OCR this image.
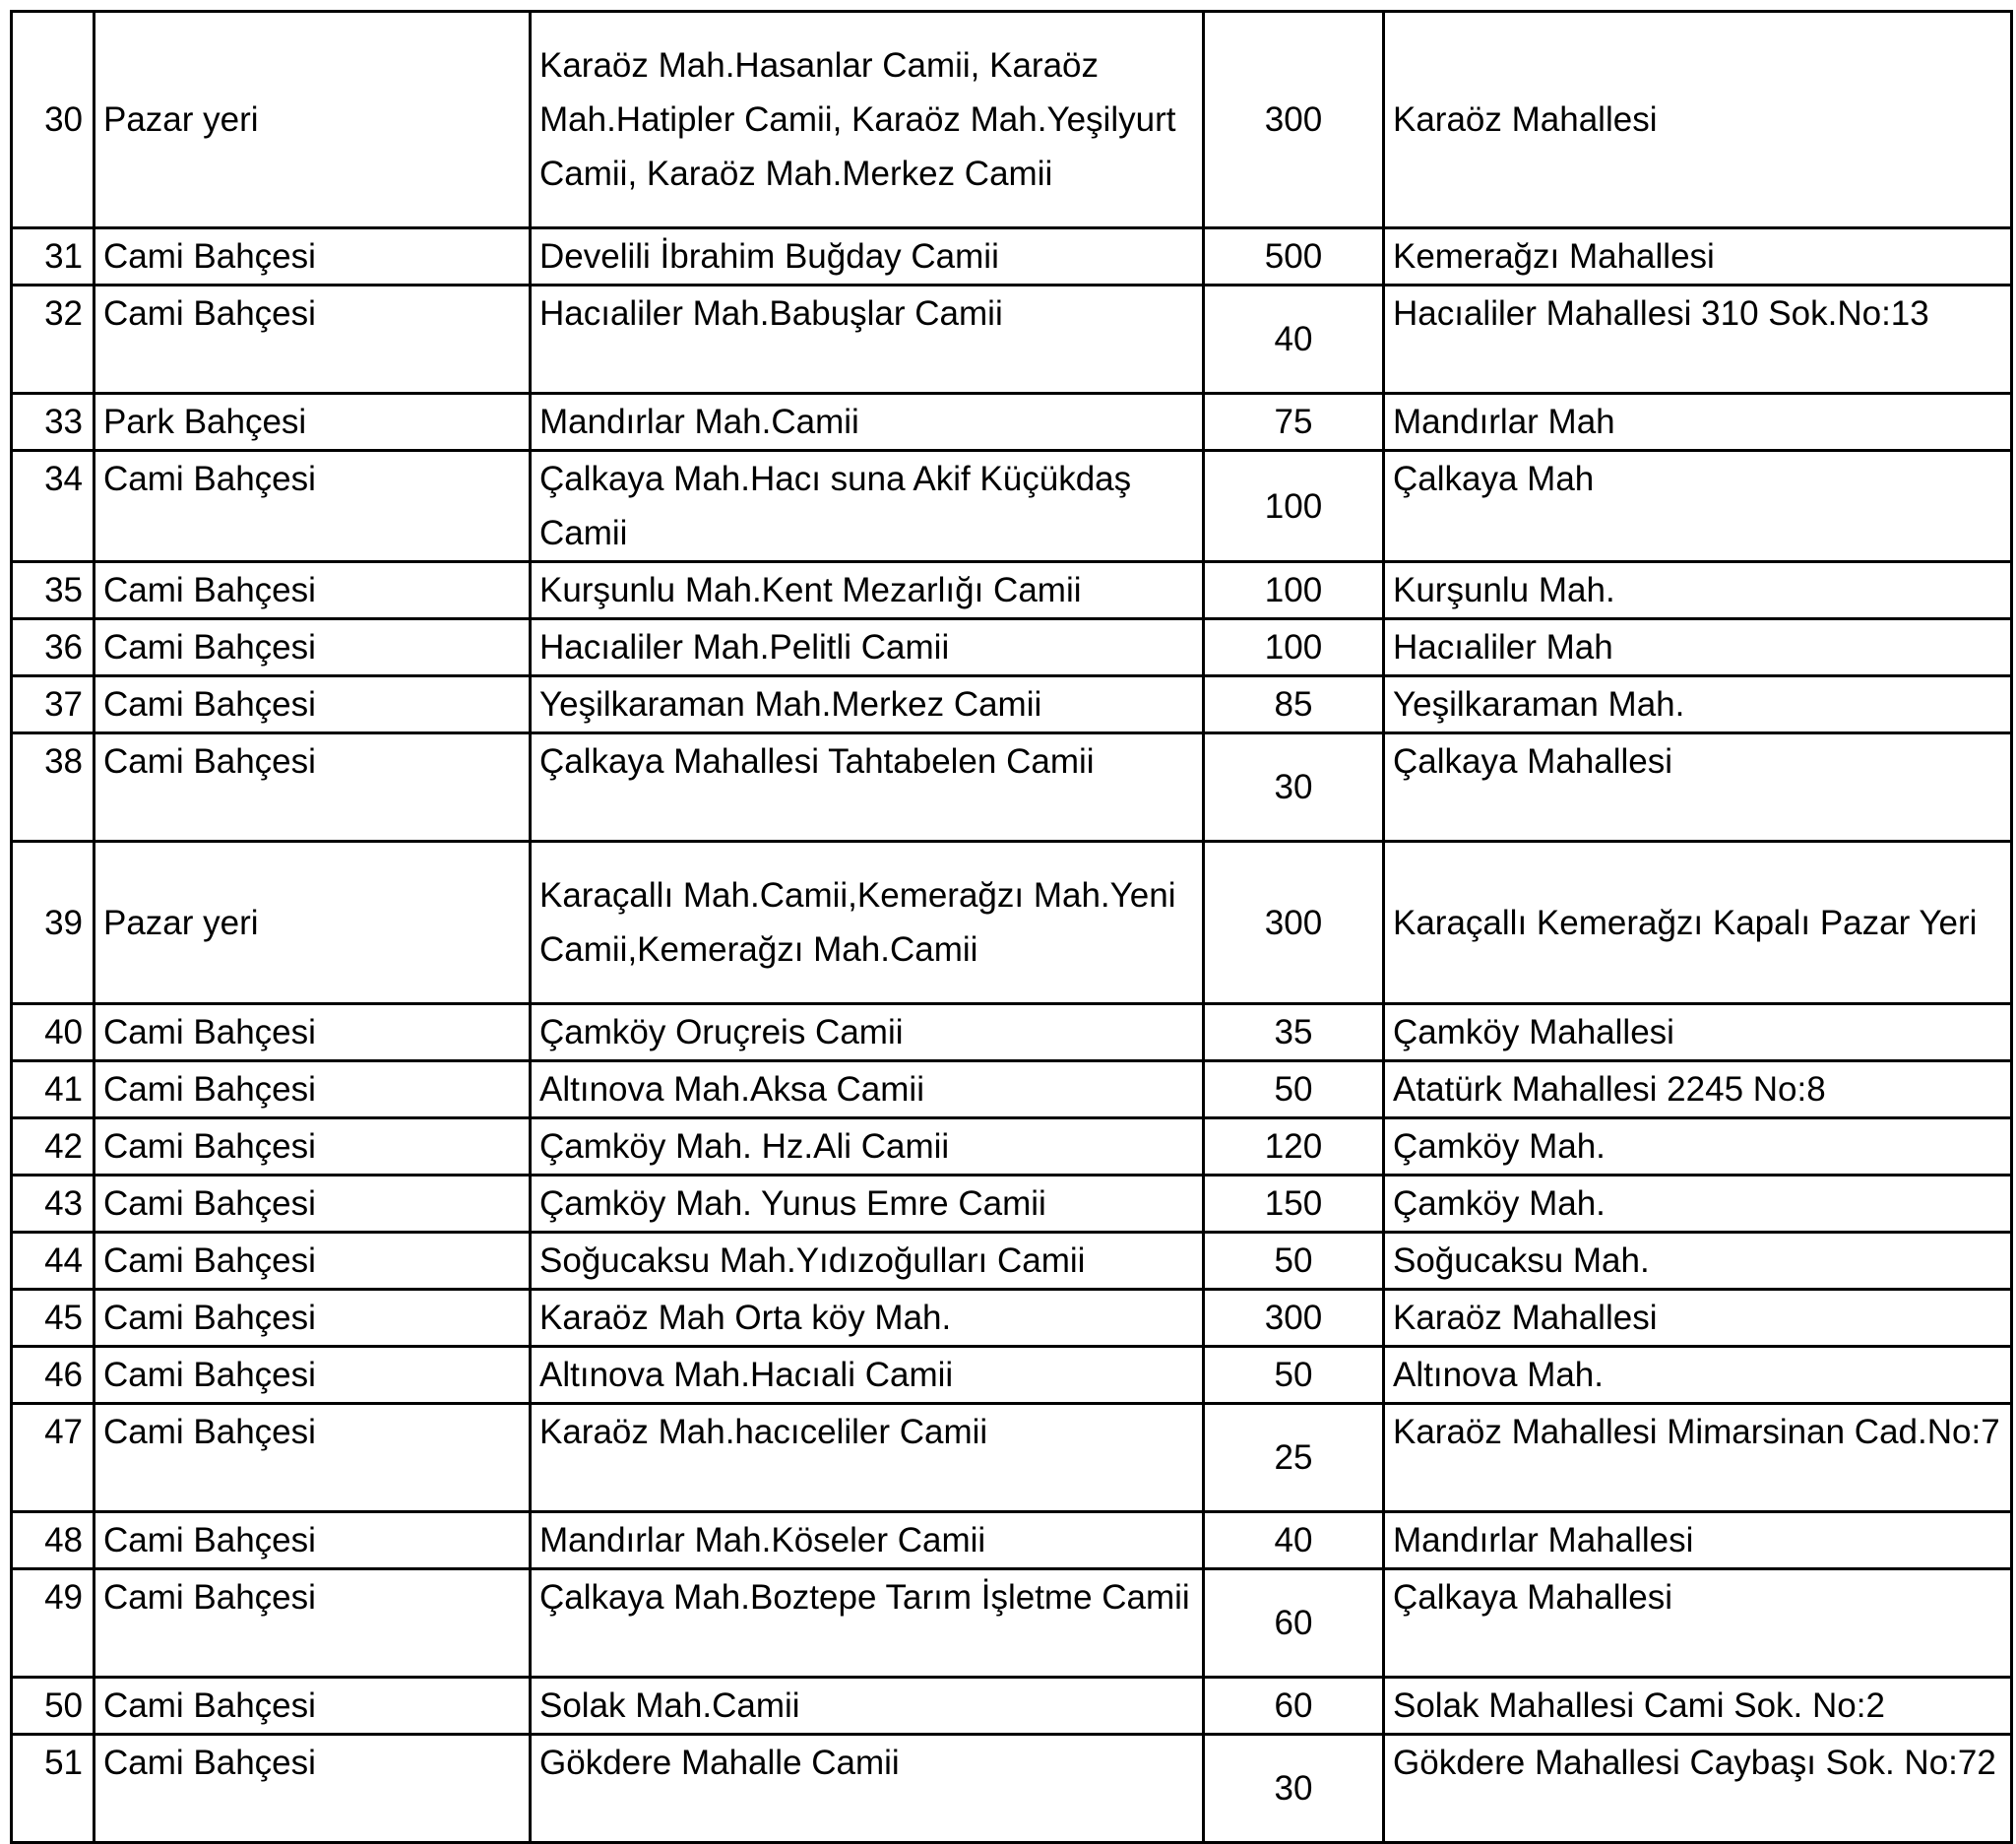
30	Pazar yeri	Karaöz Mah.Hasanlar Camii, Karaöz Mah.Hatipler Camii, Karaöz Mah.Yeşilyurt Camii, Karaöz Mah.Merkez Camii	300	Karaöz Mahallesi
31	Cami Bahçesi	Develili İbrahim Buğday Camii	500	Kemerağzı Mahallesi
32	Cami Bahçesi	Hacıaliler Mah.Babuşlar Camii	40	Hacıaliler Mahallesi 310 Sok.No:13
33	Park Bahçesi	Mandırlar Mah.Camii	75	Mandırlar Mah
34	Cami Bahçesi	Çalkaya Mah.Hacı suna Akif Küçükdaş Camii	100	Çalkaya Mah
35	Cami Bahçesi	Kurşunlu Mah.Kent Mezarlığı Camii	100	Kurşunlu Mah.
36	Cami Bahçesi	Hacıaliler Mah.Pelitli Camii	100	Hacıaliler Mah
37	Cami Bahçesi	Yeşilkaraman Mah.Merkez Camii	85	Yeşilkaraman Mah.
38	Cami Bahçesi	Çalkaya Mahallesi Tahtabelen Camii	30	Çalkaya Mahallesi
39	Pazar yeri	Karaçallı Mah.Camii,Kemerağzı Mah.Yeni Camii,Kemerağzı Mah.Camii	300	Karaçallı Kemerağzı Kapalı Pazar Yeri
40	Cami Bahçesi	Çamköy Oruçreis Camii	35	Çamköy Mahallesi
41	Cami Bahçesi	Altınova Mah.Aksa Camii	50	Atatürk Mahallesi 2245 No:8
42	Cami Bahçesi	Çamköy Mah. Hz.Ali Camii	120	Çamköy Mah.
43	Cami Bahçesi	Çamköy Mah. Yunus Emre Camii	150	Çamköy Mah.
44	Cami Bahçesi	Soğucaksu Mah.Yıdızoğulları Camii	50	Soğucaksu Mah.
45	Cami Bahçesi	Karaöz Mah Orta köy Mah.	300	Karaöz Mahallesi
46	Cami Bahçesi	Altınova Mah.Hacıali Camii	50	Altınova Mah.
47	Cami Bahçesi	Karaöz Mah.hacıceliler Camii	25	Karaöz Mahallesi Mimarsinan Cad.No:7
48	Cami Bahçesi	Mandırlar Mah.Köseler Camii	40	Mandırlar Mahallesi
49	Cami Bahçesi	Çalkaya Mah.Boztepe Tarım İşletme Camii	60	Çalkaya Mahallesi
50	Cami Bahçesi	Solak Mah.Camii	60	Solak Mahallesi Cami Sok. No:2
51	Cami Bahçesi	Gökdere Mahalle Camii	30	Gökdere Mahallesi Caybaşı Sok. No:72
